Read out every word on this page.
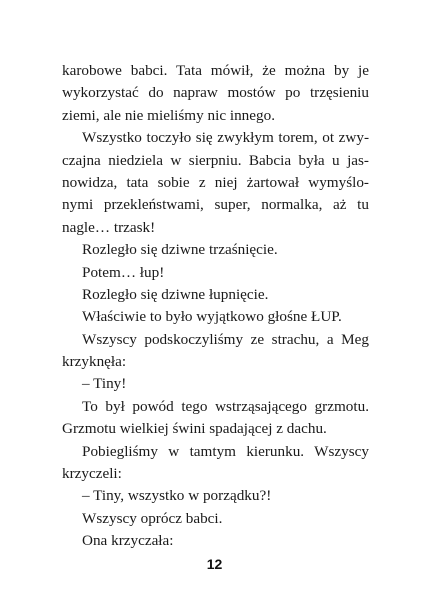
karobowe babci. Tata mówił, że można by je
wykorzystać do napraw mostów po trzęsieniu
ziemi, ale nie mieliśmy nic innego.
Wszystko toczyło się zwykłym torem, ot zwy-
czajna niedziela w sierpniu. Babcia była u jas-
nowidza, tata sobie z niej żartował wymyślo-
nymi przekleństwami, super, normalka, aż tu
nagle… trzask!
Rozległo się dziwne trzaśnięcie.
Potem… łup!
Rozległo się dziwne łupnięcie.
Właściwie to było wyjątkowo głośne ŁUP.
Wszyscy podskoczyliśmy ze strachu, a Meg
krzyknęła:
– Tiny!
To był powód tego wstrząsającego grzmotu.
Grzmotu wielkiej świni spadającej z dachu.
Pobiegliśmy w tamtym kierunku. Wszyscy
krzyczeli:
– Tiny, wszystko w porządku?!
Wszyscy oprócz babci.
Ona krzyczała:
12
